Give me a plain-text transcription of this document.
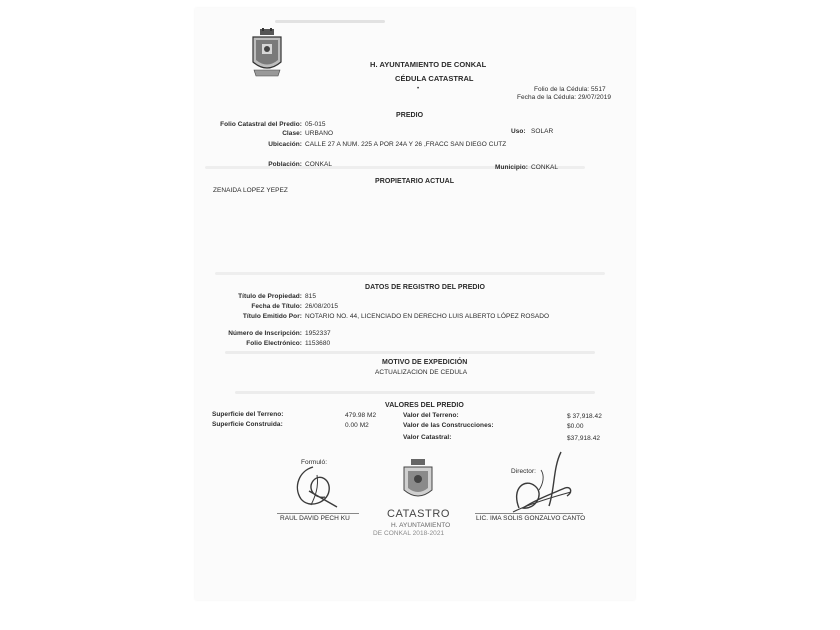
H. AYUNTAMIENTO DE CONKAL
CÉDULA CATASTRAL
•	Folio de la Cédula: 5517
Fecha de la Cédula: 29/07/2019
PREDIO
Folio Catastral del Predio: 05-015
Clase: URBANO	Uso: SOLAR
Ubicación: CALLE 27 A NUM. 225 A POR 24A Y 26 ,FRACC SAN DIEGO CUTZ
Población: CONKAL	Municipio: CONKAL
PROPIETARIO ACTUAL
ZENAIDA LOPEZ YEPEZ
DATOS DE REGISTRO DEL PREDIO
Título de Propiedad: 815
Fecha de Título: 26/08/2015
Título Emitido Por: NOTARIO NO. 44, LICENCIADO EN DERECHO LUIS ALBERTO LÓPEZ ROSADO
Número de Inscripción: 1952337
Folio Electrónico: 1153680
MOTIVO DE EXPEDICIÓN
ACTUALIZACION DE CEDULA
VALORES DEL PREDIO
Superficie del Terreno:	479.98 M2
Superficie Construida:	0.00 M2
Valor del Terreno:	$ 37,918.42
Valor de las Construcciones:	$0.00
Valor Catastral:	$37,918.42
Formuló:
RAUL DAVID PECH KU
Director:
LIC. IMA SOLIS GONZALVO CANTO
CATASTRO
H. AYUNTAMIENTO
DE CONKAL 2018-2021
